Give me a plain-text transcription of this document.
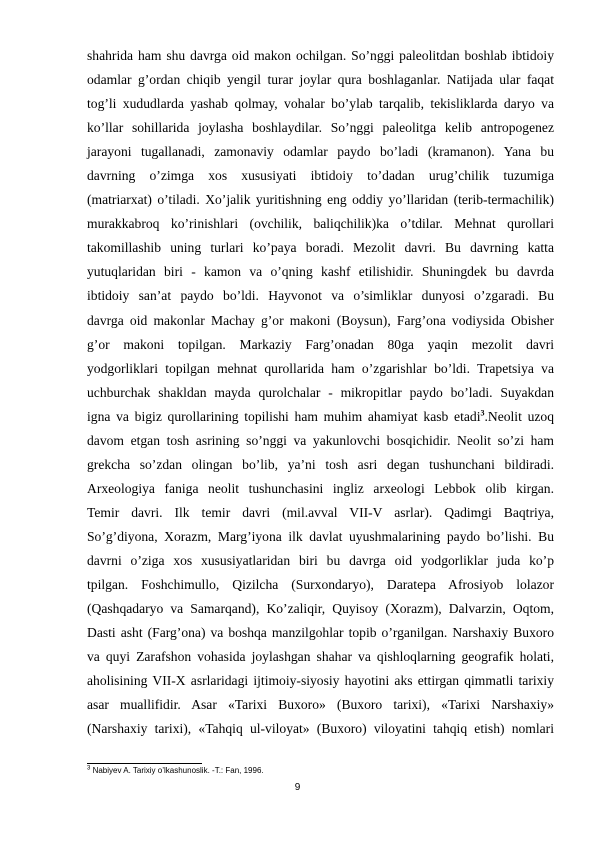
shahrida ham shu davrga oid makon ochilgan. So’nggi paleolitdan boshlab ibtidoiy
odamlar g’ordan chiqib yengil turar joylar qura boshlaganlar. Natijada ular faqat
tog’li xududlarda yashab qolmay, vohalar bo’ylab tarqalib, tekisliklarda daryo va
ko’llar sohillarida joylasha boshlaydilar. So’nggi paleolitga kelib antropogenez
jarayoni tugallanadi, zamonaviy odamlar paydo bo’ladi (kramanon). Yana bu
davrning o’zimga xos xususiyati ibtidoiy to’dadan urug’chilik tuzumiga
(matriarxat) o’tiladi. Xo’jalik yuritishning eng oddiy yo’llaridan (terib-termachilik)
murakkabroq ko’rinishlari (ovchilik, baliqchilik)ka o’tdilar. Mehnat qurollari
takomillashib uning turlari ko’paya boradi. Mezolit davri. Bu davrning katta
yutuqlaridan biri - kamon va o’qning kashf etilishidir. Shuningdek bu davrda
ibtidoiy san’at paydo bo’ldi. Hayvonot va o’simliklar dunyosi o’zgaradi. Bu
davrga oid makonlar Machay g’or makoni (Boysun), Farg’ona vodiysida Obisher
g’or makoni topilgan. Markaziy Farg’onadan 80ga yaqin mezolit davri
yodgorliklari topilgan mehnat qurollarida ham o’zgarishlar bo’ldi. Trapetsiya va
uchburchak shakldan mayda qurolchalar - mikropitlar paydo bo’ladi. Suyakdan
igna va bigiz qurollarining topilishi ham muhim ahamiyat kasb etadi$^3$.Neolit uzoq
davom etgan tosh asrining so’nggi va yakunlovchi bosqichidir. Neolit so’zi ham
grekcha so’zdan olingan bo’lib, ya’ni tosh asri degan tushunchani bildiradi.
Arxeologiya faniga neolit tushunchasini ingliz arxeologi Lebbok olib kirgan.
Temir davri. Ilk temir davri (mil.avval VII-V asrlar). Qadimgi Baqtriya,
So’g’diyona, Xorazm, Marg’iyona ilk davlat uyushmalarining paydo bo’lishi. Bu
davrni o’ziga xos xususiyatlaridan biri bu davrga oid yodgorliklar juda ko’p
tpilgan. Foshchimullo, Qizilcha (Surxondaryo), Daratepa Afrosiyob lolazor
(Qashqadaryo va Samarqand), Ko’zaliqir, Quyisoy (Xorazm), Dalvarzin, Oqtom,
Dasti asht (Farg’ona) va boshqa manzilgohlar topib o’rganilgan. Narshaxiy Buxoro
va quyi Zarafshon vohasida joylashgan shahar va qishloqlarning geografik holati,
aholisining VII-X asrlaridagi ijtimoiy-siyosiy hayotini aks ettirgan qimmatli tarixiy
asar muallifidir. Asar «Tarixi Buxoro» (Buxoro tarixi), «Tarixi Narshaxiy»
(Narshaxiy tarixi), «Tahqiq ul-viloyat» (Buxoro) viloyatini tahqiq etish) nomlari
$^3$ Nabiyev A. Tarixiy o’lkashunoslik. -T.: Fan, 1996.
9
